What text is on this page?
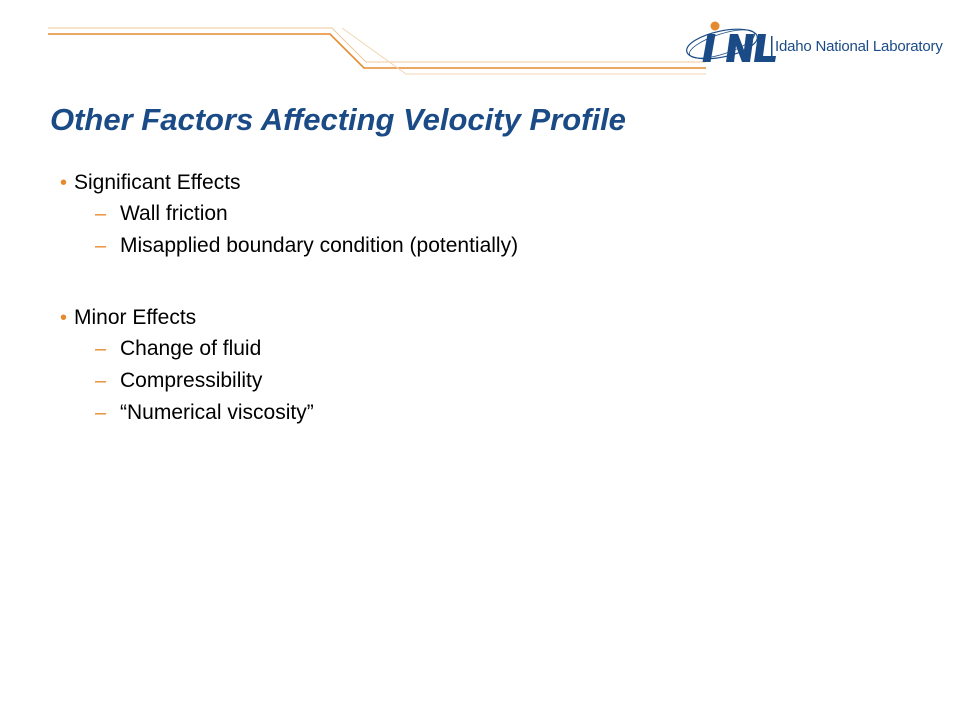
Idaho National Laboratory
Other Factors Affecting Velocity Profile
• Significant Effects
– Wall friction
– Misapplied boundary condition (potentially)
• Minor Effects
– Change of fluid
– Compressibility
– “Numerical viscosity”
